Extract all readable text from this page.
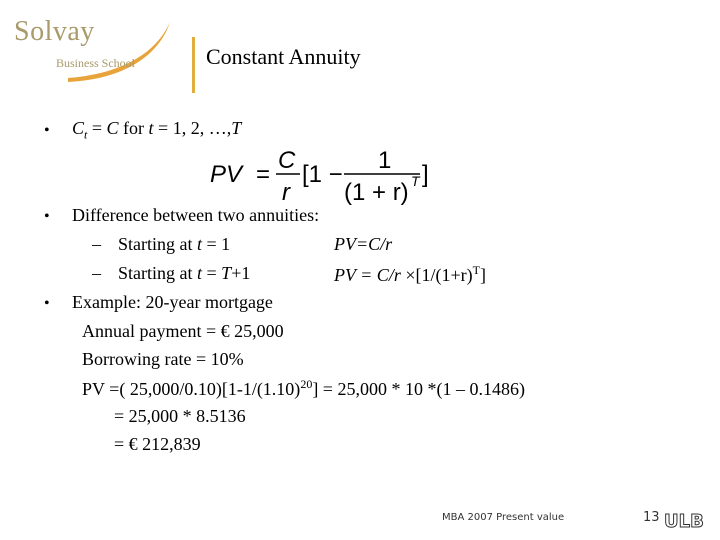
Solvay
Business School	Constant Annuity
• $C_t = C$ for t = 1, 2, …,T
PV =
C
r
[1 −
1
(1 + r) T ]
• Difference between two annuities:
– Starting at t = 1	PV=C/r
– Starting at t = T+1	PV = $C/r \times[1/(1+r)^T]$
• Example: 20-year mortgage
Annual payment = € 25,000
Borrowing rate = 10%
PV =( $25,000/0.10)[1-1/(1.10)^{20}] = 25,000 * 10$ *(1 – 0.1486)
= 25,000 * 8.5136
= € 212,839
MBA 2007 Present value	13 ULB
